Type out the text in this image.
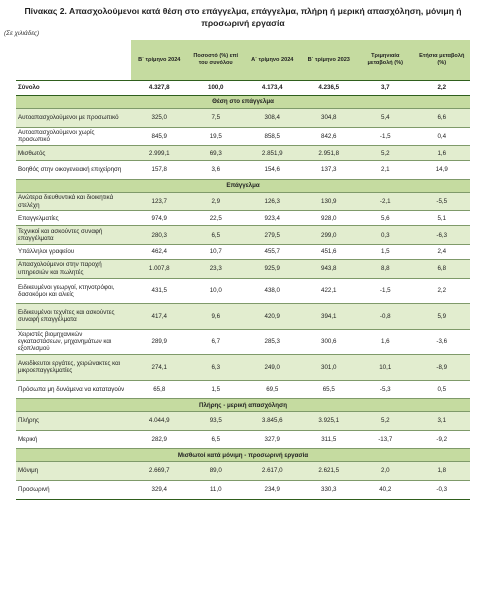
Πίνακας 2. Απασχολούμενοι κατά θέση στο επάγγελμα, επάγγελμα, πλήρη ή μερική απασχόληση, μόνιμη ή προσωρινή εργασία
(Σε χιλιάδες)
	Β΄ τρίμηνο 2024	Ποσοστό (%) επί του συνόλου	Α΄ τρίμηνο 2024	Β΄ τρίμηνο 2023	Τριμηνιαία μεταβολή (%)	Ετήσια μεταβολή (%)
Σύνολο	4.327,8	100,0	4.173,4	4.236,5	3,7	2,2
Θέση στο επάγγελμα						
Αυτοαπασχολούμενοι με προσωπικό	325,0	7,5	308,4	304,8	5,4	6,6
Αυτοαπασχολούμενοι χωρίς προσωπικό	845,9	19,5	858,5	842,6	-1,5	0,4
Μισθωτός	2.999,1	69,3	2.851,9	2.951,8	5,2	1,6
Βοηθός στην οικογενειακή επιχείρηση	157,8	3,6	154,6	137,3	2,1	14,9
Επάγγελμα						
Ανώτερα διευθυντικά και διοικητικά στελέχη	123,7	2,9	126,3	130,9	-2,1	-5,5
Επαγγελματίες	974,9	22,5	923,4	928,0	5,6	5,1
Τεχνικοί και ασκούντες συναφή επαγγέλματα	280,3	6,5	279,5	299,0	0,3	-6,3
Υπάλληλοι γραφείου	462,4	10,7	455,7	451,6	1,5	2,4
Απασχολούμενοι στην παροχή υπηρεσιών και πωλητές	1.007,8	23,3	925,9	943,8	8,8	6,8
Ειδικευμένοι γεωργοί, κτηνοτρόφοι, δασοκόμοι και αλιείς	431,5	10,0	438,0	422,1	-1,5	2,2
Ειδικευμένοι τεχνίτες και ασκούντες συναφή επαγγέλματα	417,4	9,6	420,9	394,1	-0,8	5,9
Χειριστές βιομηχανικών εγκαταστάσεων, μηχανημάτων και εξοπλισμού	289,9	6,7	285,3	300,6	1,6	-3,6
Ανειδίκευτοι εργάτες, χειρώνακτες και μικροεπαγγελματίες	274,1	6,3	249,0	301,0	10,1	-8,9
Πρόσωπα μη δυνάμενα να καταταγούν	65,8	1,5	69,5	65,5	-5,3	0,5
Πλήρης - μερική απασχόληση						
Πλήρης	4.044,9	93,5	3.845,6	3.925,1	5,2	3,1
Μερική	282,9	6,5	327,9	311,5	-13,7	-9,2
Μισθωτοί κατά μόνιμη - προσωρινή εργασία						
Μόνιμη	2.669,7	89,0	2.617,0	2.621,5	2,0	1,8
Προσωρινή	329,4	11,0	234,9	330,3	40,2	-0,3
